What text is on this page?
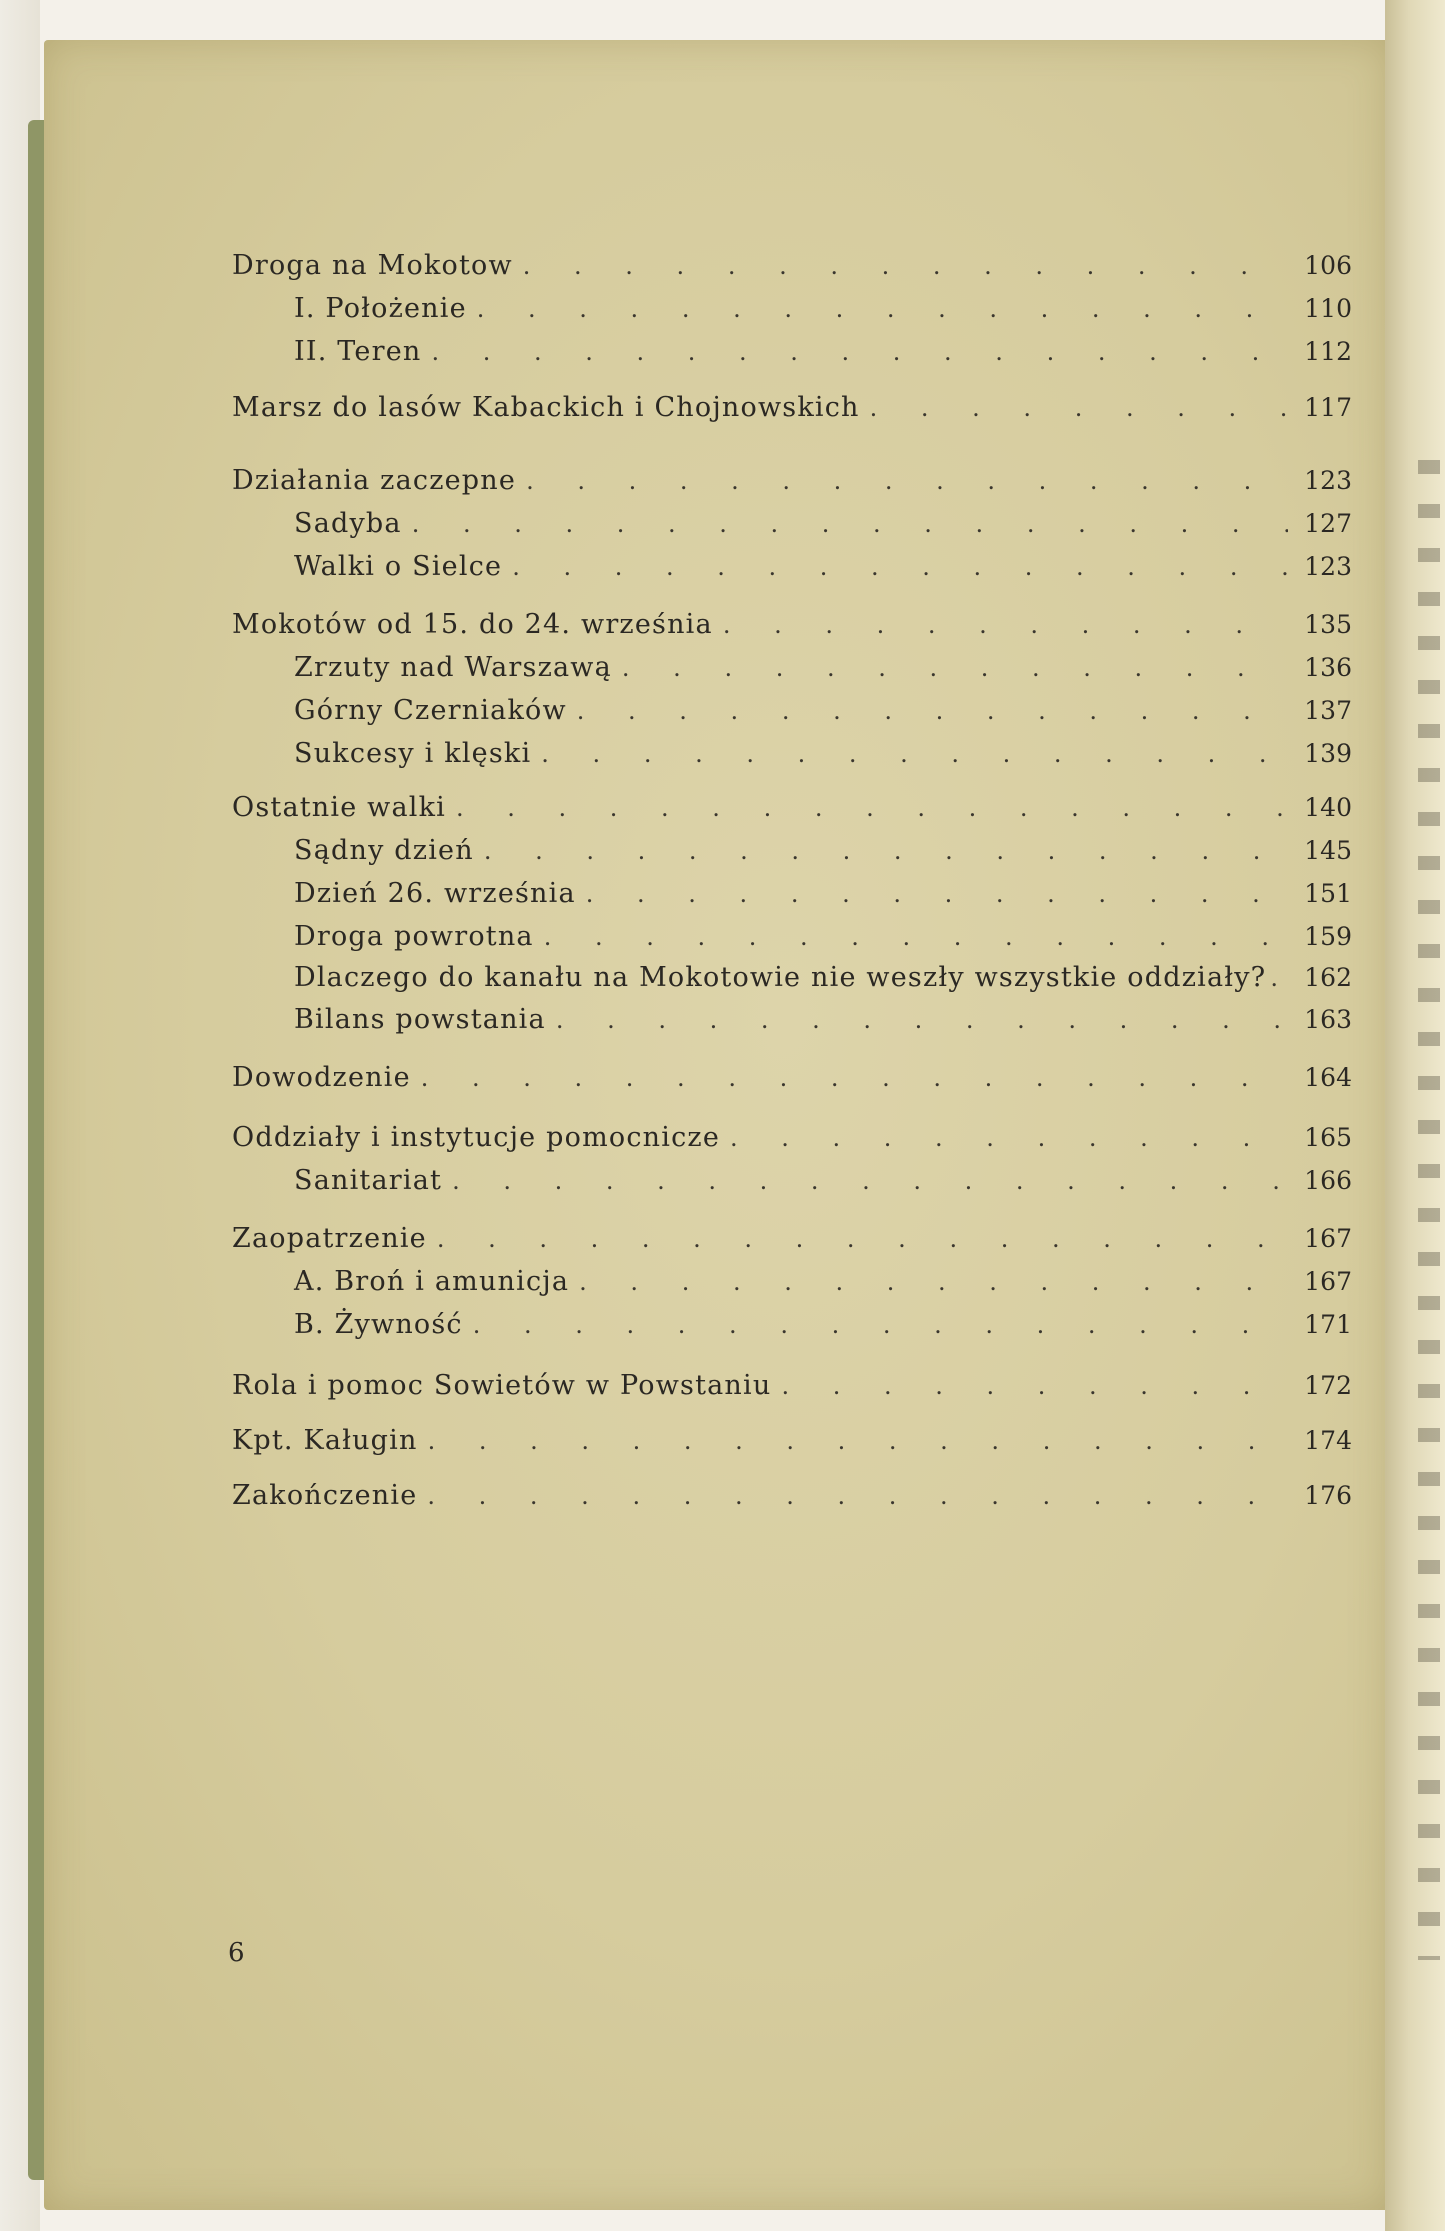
Droga na Mokotow . . .	106
I. Położenie . . .	110
II. Teren . . .	112
Marsz do lasów Kabackich i Chojnowskich . . .	117
Działania zaczepne . . .	123
Sadyba . . .	127
Walki o Sielce . . .	123
Mokotów od 15. do 24. września . . .	135
Zrzuty nad Warszawą . . .	136
Górny Czerniaków . . .	137
Sukcesy i klęski . . .	139
Ostatnie walki . . .	140
Sądny dzień . . .	145
Dzień 26. września . . .	151
Droga powrotna . . .	159
Dlaczego do kanału na Mokotowie nie weszły wszystkie oddziały? . . . 162
Bilans powstania . . .	163
Dowodzenie . . .	164
Oddziały i instytucje pomocnicze . . .	165
Sanitariat . . .	166
Zaopatrzenie . . .	167
A. Broń i amunicja . . .	167
B. Żywność . . .	171
Rola i pomoc Sowietów w Powstaniu . . .	172
Kpt. Kaługin . . .	174
Zakończenie . . .	176
6
